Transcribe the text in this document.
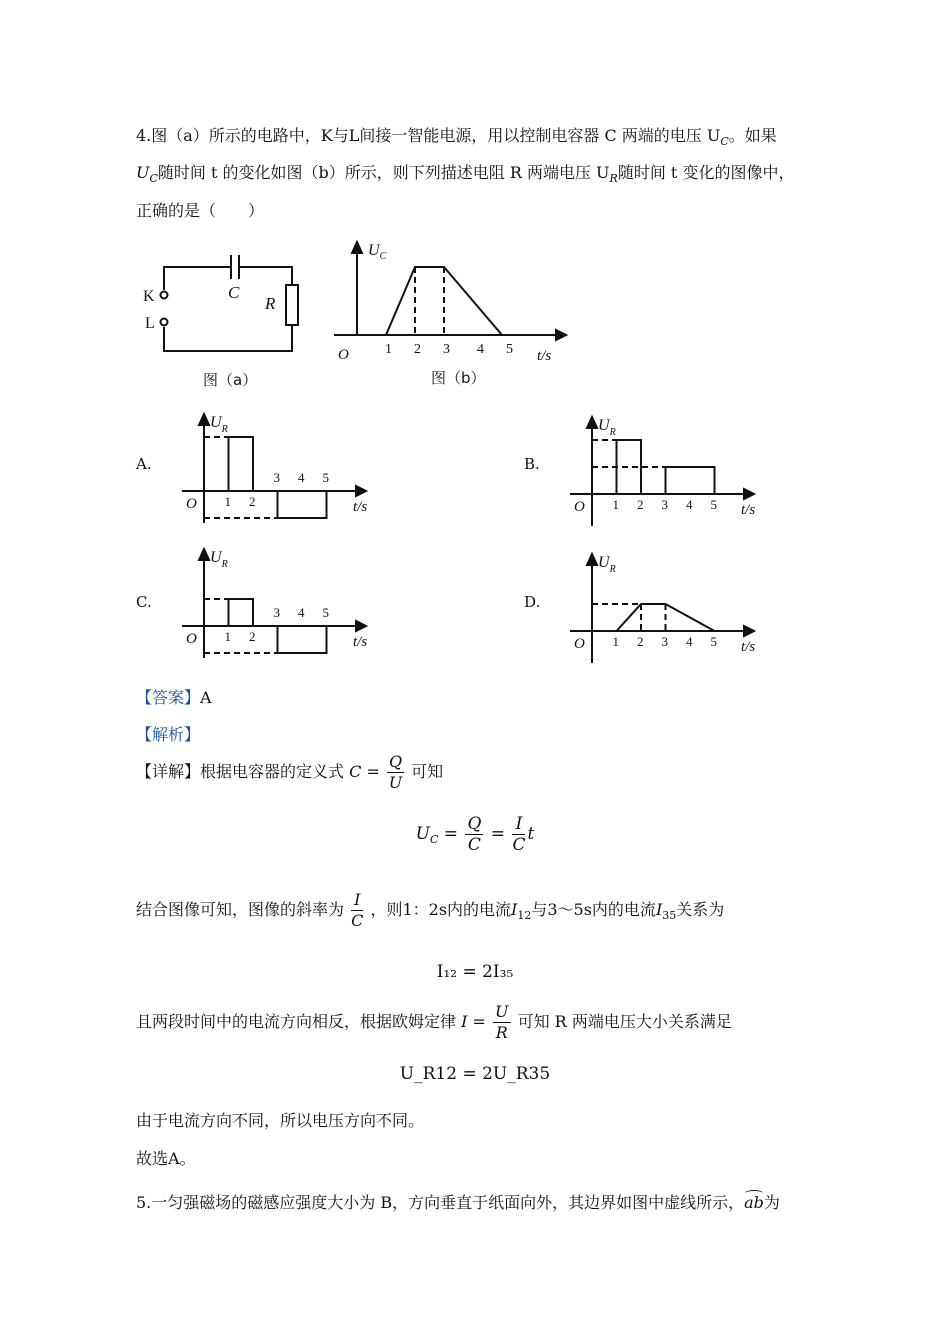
4.图（a）所示的电路中，K与L间接一智能电源，用以控制电容器 C 两端的电压 $U_C$。如果
$U_C$随时间 t 的变化如图（b）所示，则下列描述电阻 R 两端电压 $U_R$随时间 t 变化的图像中，
正确的是（　　）
K
L
C
R
图（a）
$U_C$
O	1 2 3 4 5 t/s
图（b）
A.	B.
C.	D.
$U_R$
O	t/s
1 2
3 4 5
$U_R$
O	t/s
1 2 3 4 5
$U_R$
O	t/s
1 2
3 4 5
$U_R$
O	t/s
1 2 3 4 5
【答案】A
【解析】
【详解】根据电容器的定义式 $C = \frac{Q}{U}$ 可知
$U_C = \frac{Q}{C} = \frac{I}{C}$ t
结合图像可知，图像的斜率为 $\frac{I}{C}$ ，则1：2s内的电流$I_{12}$与3～5s内的电流$I_{35}$关系为
I₁₂ = 2I₃₅
且两段时间中的电流方向相反，根据欧姆定律 $I = \frac{U}{R}$ 可知 R 两端电压大小关系满足
U_R12 = 2U_R35
由于电流方向不同，所以电压方向不同。
故选A。
5.一匀强磁场的磁感应强度大小为 B，方向垂直于纸面向外，其边界如图中虚线所示，ab为
